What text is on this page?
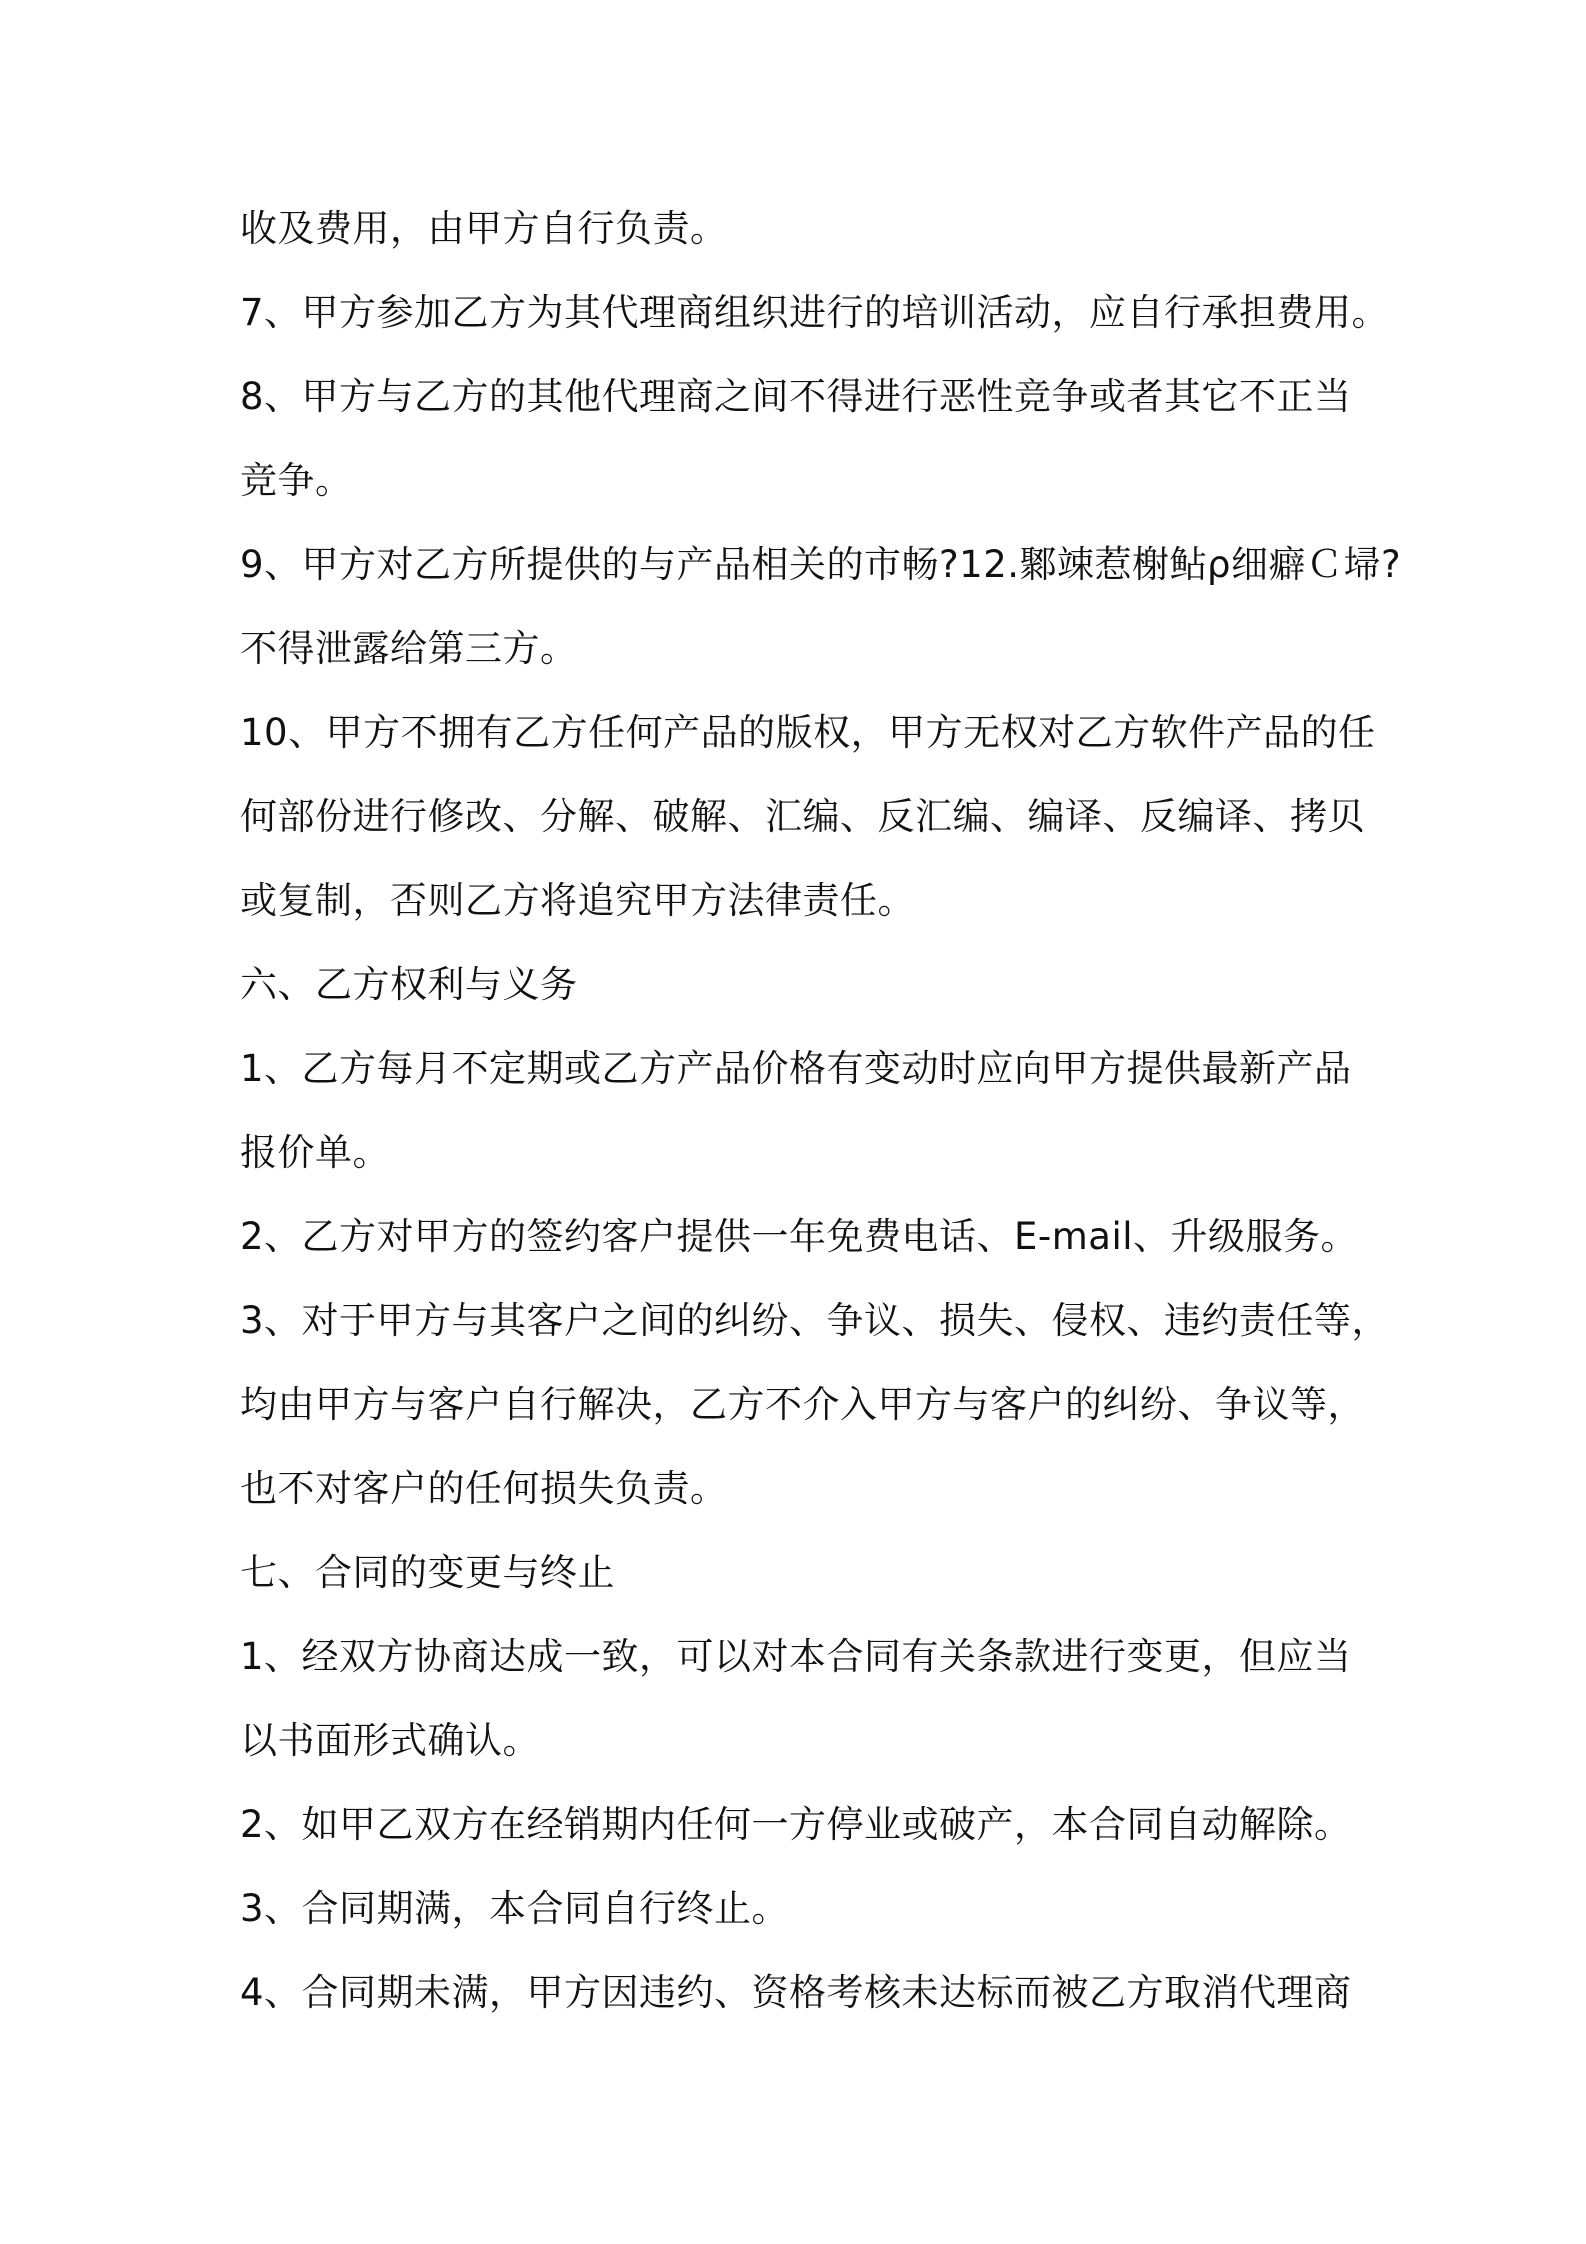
收及费用，由甲方自行负责。

7、甲方参加乙方为其代理商组织进行的培训活动，应自行承担费用。

8、甲方与乙方的其他代理商之间不得进行恶性竞争或者其它不正当

竞争。

9、甲方对乙方所提供的与产品相关的市畅?12.鄹竦惹榭鲇ρ细癖Ｃ埽?

不得泄露给第三方。

10、甲方不拥有乙方任何产品的版权，甲方无权对乙方软件产品的任

何部份进行修改、分解、破解、汇编、反汇编、编译、反编译、拷贝

或复制，否则乙方将追究甲方法律责任。

六、乙方权利与义务

1、乙方每月不定期或乙方产品价格有变动时应向甲方提供最新产品

报价单。

2、乙方对甲方的签约客户提供一年免费电话、E-mail、升级服务。

3、对于甲方与其客户之间的纠纷、争议、损失、侵权、违约责任等，

均由甲方与客户自行解决，乙方不介入甲方与客户的纠纷、争议等，

也不对客户的任何损失负责。

七、合同的变更与终止

1、经双方协商达成一致，可以对本合同有关条款进行变更，但应当

以书面形式确认。

2、如甲乙双方在经销期内任何一方停业或破产，本合同自动解除。

3、合同期满，本合同自行终止。

4、合同期未满，甲方因违约、资格考核未达标而被乙方取消代理商
